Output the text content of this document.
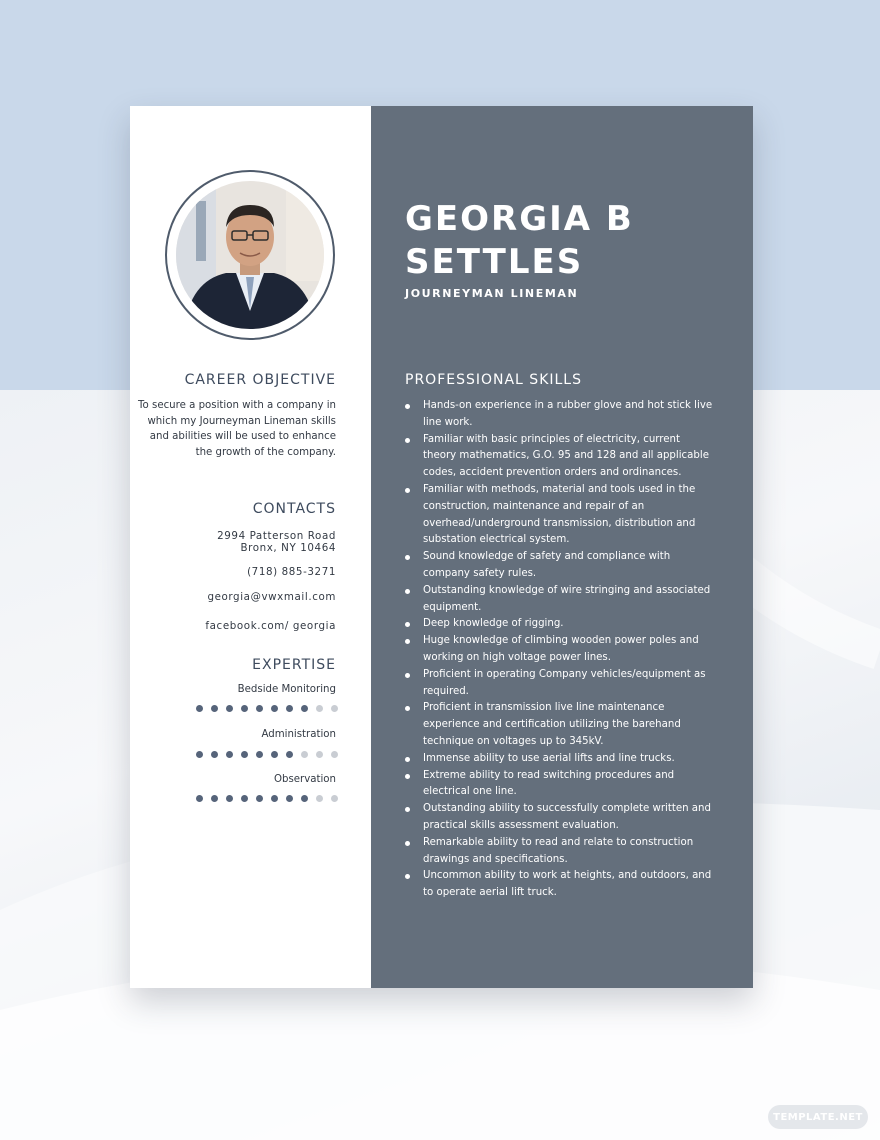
CAREER OBJECTIVE
To secure a position with a company in which my Journeyman Lineman skills and abilities will be used to enhance the growth of the company.
CONTACTS
2994 Patterson Road
Bronx, NY 10464
(718) 885-3271
georgia@vwxmail.com
facebook.com/ georgia
EXPERTISE
Bedside Monitoring
Administration
Observation
GEORGIA B
SETTLES
JOURNEYMAN LINEMAN
PROFESSIONAL SKILLS
Hands-on experience in a rubber glove and hot stick live line work.
Familiar with basic principles of electricity, current theory mathematics, G.O. 95 and 128 and all applicable codes, accident prevention orders and ordinances.
Familiar with methods, material and tools used in the construction, maintenance and repair of an overhead/underground transmission, distribution and substation electrical system.
Sound knowledge of safety and compliance with company safety rules.
Outstanding knowledge of wire stringing and associated equipment.
Deep knowledge of rigging.
Huge knowledge of climbing wooden power poles and working on high voltage power lines.
Proficient in operating Company vehicles/equipment as required.
Proficient in transmission live line maintenance experience and certification utilizing the barehand technique on voltages up to 345kV.
Immense ability to use aerial lifts and line trucks.
Extreme ability to read switching procedures and electrical one line.
Outstanding ability to successfully complete written and practical skills assessment evaluation.
Remarkable ability to read and relate to construction drawings and specifications.
Uncommon ability to work at heights, and outdoors, and to operate aerial lift truck.
TEMPLATE.NET
